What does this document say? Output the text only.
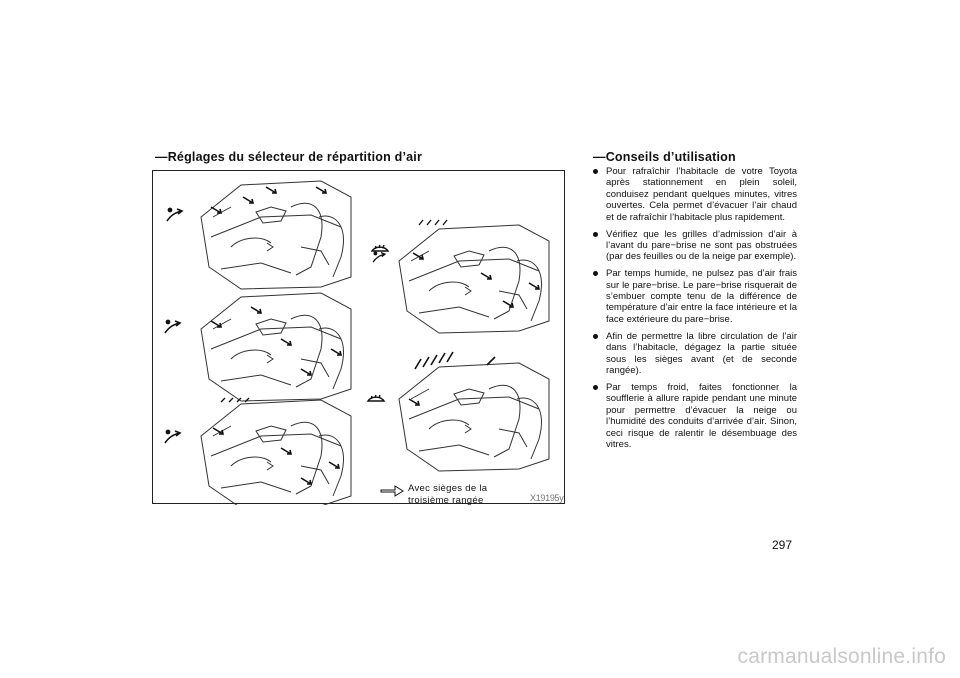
—Réglages du sélecteur de répartition d’air	—Conseils d’utilisation
Avec sièges de la
troisième rangée	X19195y
Pour rafraîchir l’habitacle de votre Toyota après stationnement en plein soleil, conduisez pendant quelques minutes, vitres ouvertes. Cela permet d’évacuer l’air chaud et de rafraîchir l’habitacle plus rapidement.
Vérifiez que les grilles d’admission d’air à l’avant du pare−brise ne sont pas obstruées (par des feuilles ou de la neige par exemple).
Par temps humide, ne pulsez pas d’air frais sur le pare−brise. Le pare−brise risquerait de s’embuer compte tenu de la différence de température d’air entre la face intérieure et la face extérieure du pare−brise.
Afin de permettre la libre circulation de l’air dans l’habitacle, dégagez la partie située sous les sièges avant (et de seconde rangée).
Par temps froid, faites fonctionner la soufflerie à allure rapide pendant une minute pour permettre d’évacuer la neige ou l’humidité des conduits d’arrivée d’air. Sinon, ceci risque de ralentir le désembuage des vitres.
297
carmanualsonline.info
